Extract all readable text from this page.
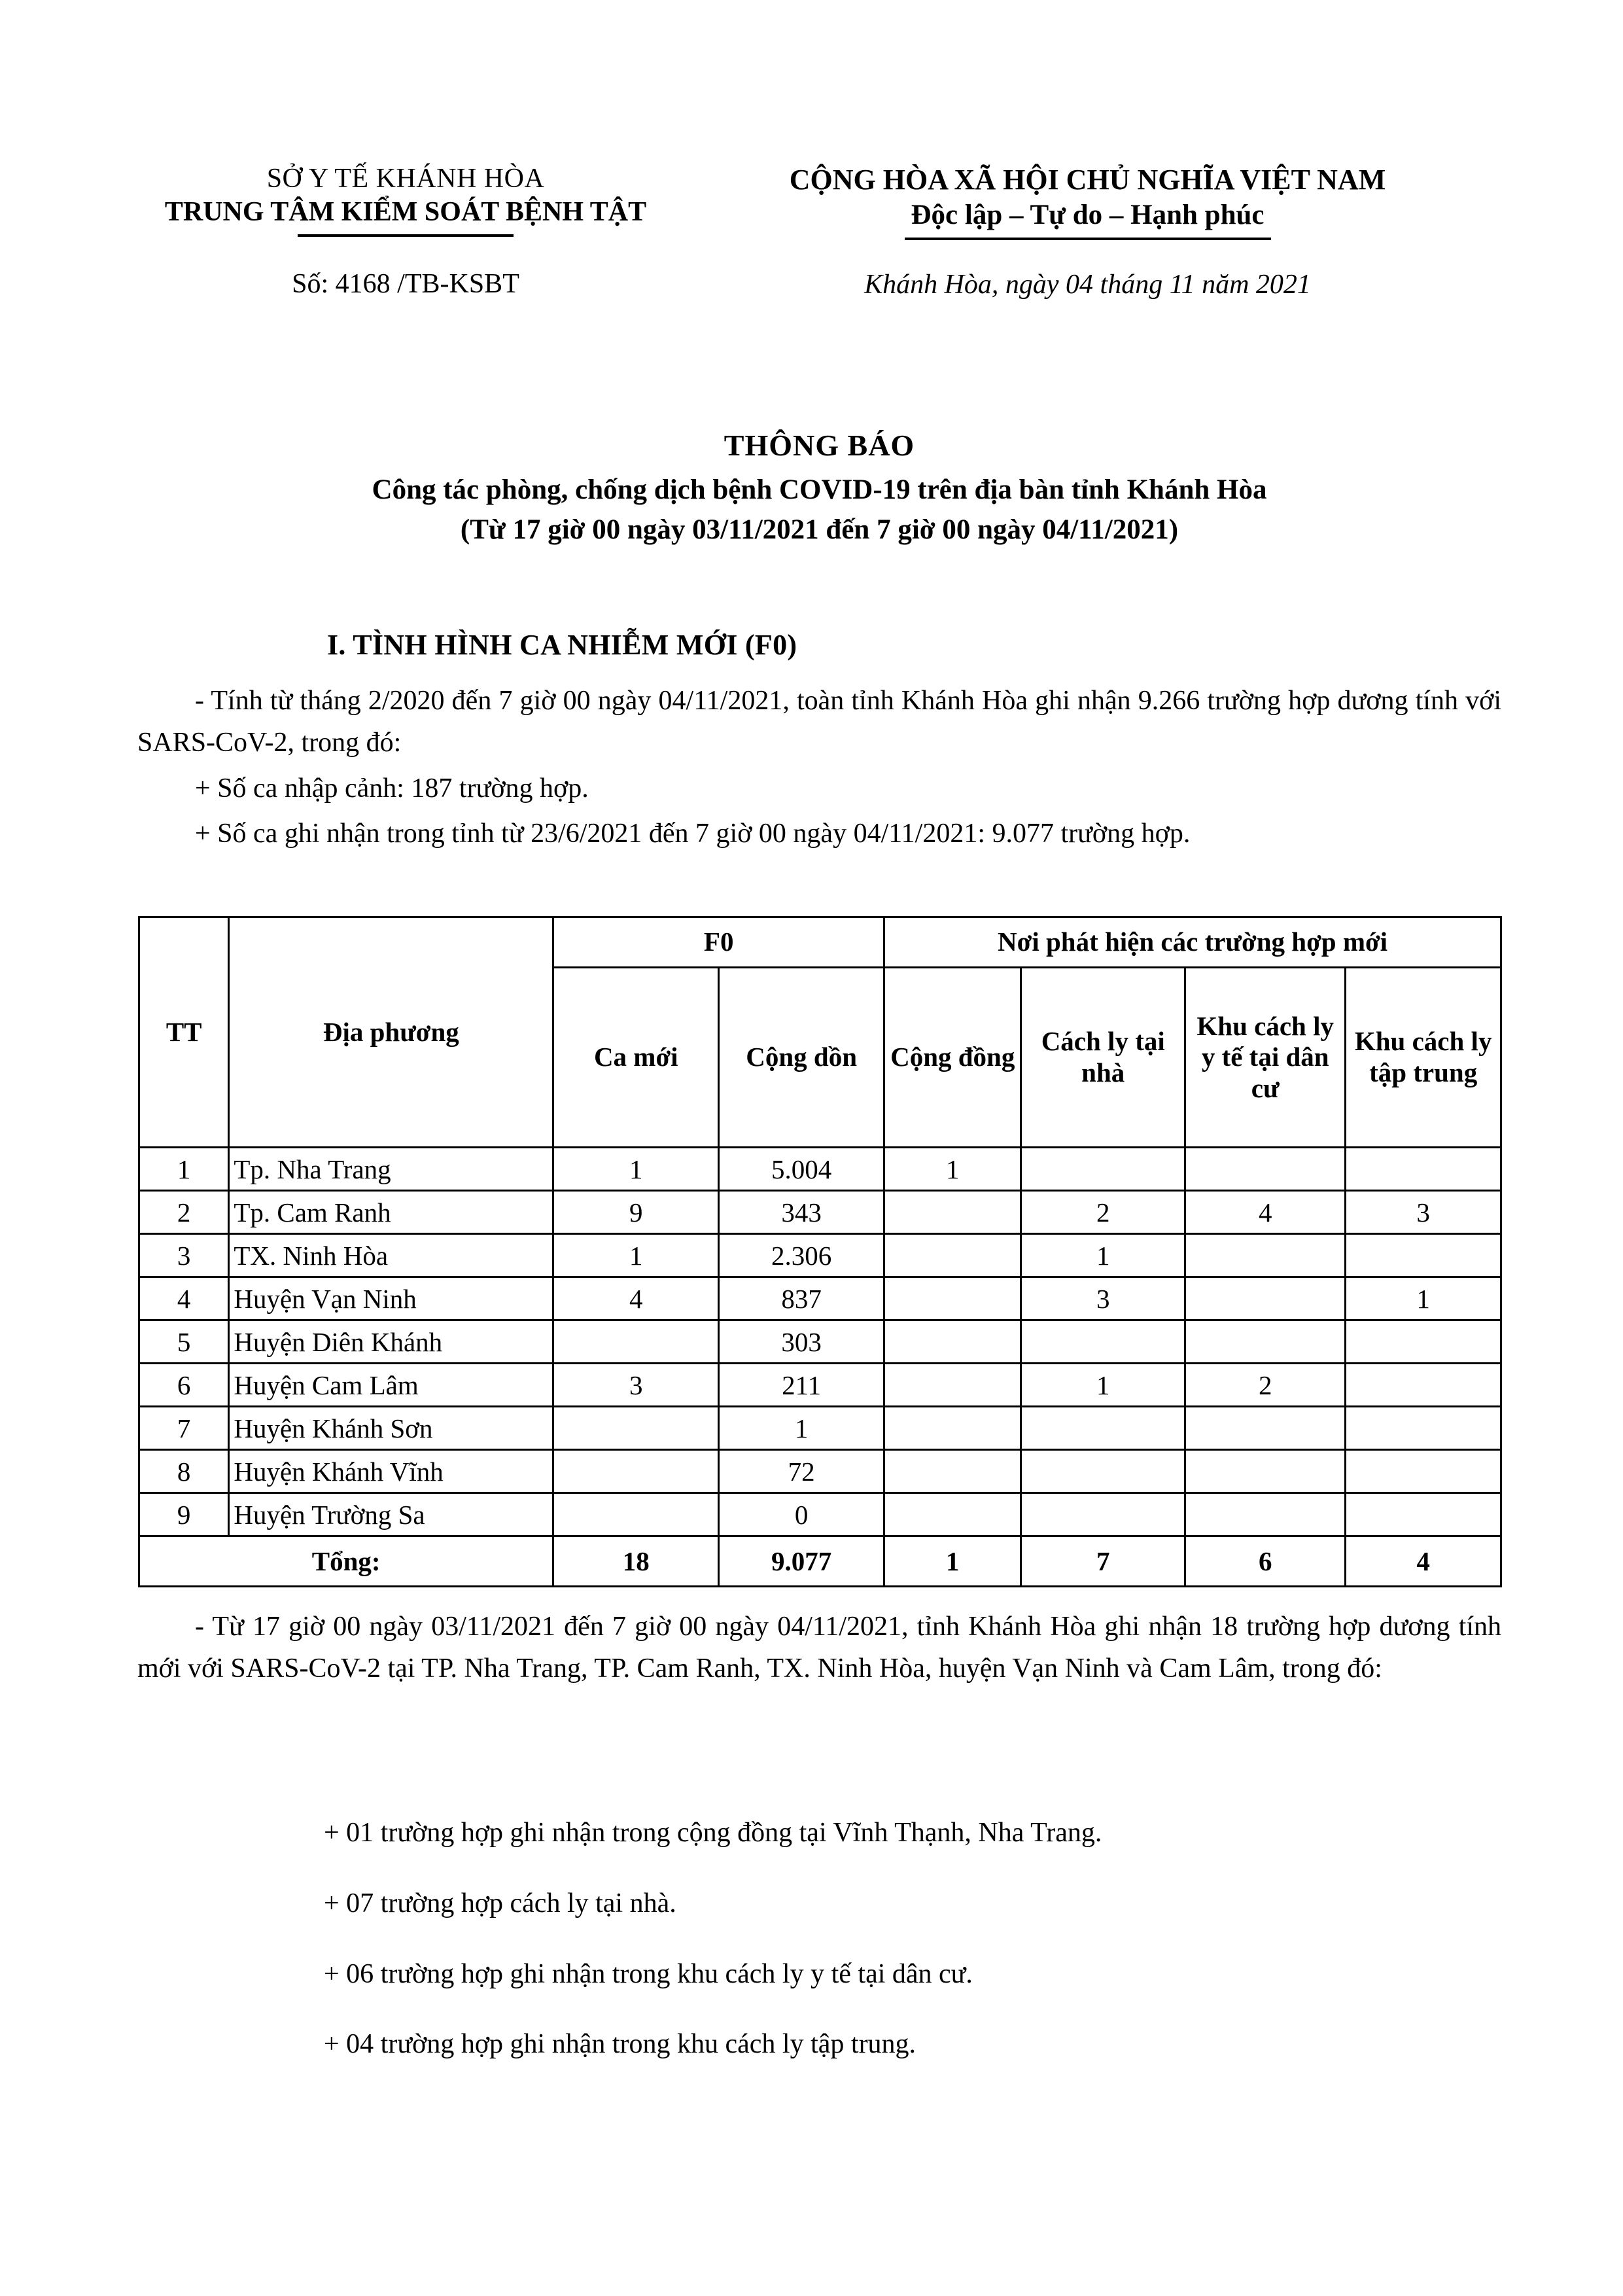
SỞ Y TẾ KHÁNH HÒA
TRUNG TÂM KIỂM SOÁT BỆNH TẬT
Số: 4168 /TB-KSBT
CỘNG HÒA XÃ HỘI CHỦ NGHĨA VIỆT NAM
Độc lập – Tự do – Hạnh phúc
Khánh Hòa, ngày 04 tháng 11 năm 2021
THÔNG BÁO
Công tác phòng, chống dịch bệnh COVID-19 trên địa bàn tỉnh Khánh Hòa
(Từ 17 giờ 00 ngày 03/11/2021 đến 7 giờ 00 ngày 04/11/2021)
I. TÌNH HÌNH CA NHIỄM MỚI (F0)

- Tính từ tháng 2/2020 đến 7 giờ 00 ngày 04/11/2021, toàn tỉnh Khánh Hòa ghi nhận 9.266 trường hợp dương tính với SARS-CoV-2, trong đó:

+ Số ca nhập cảnh: 187 trường hợp.

+ Số ca ghi nhận trong tỉnh từ 23/6/2021 đến 7 giờ 00 ngày 04/11/2021: 9.077 trường hợp.

TT	Địa phương	F0		Nơi phát hiện các trường hợp mới			
		Ca mới	Cộng dồn	Cộng đồng	Cách ly tại nhà	Khu cách ly y tế tại dân cư	Khu cách ly tập trung
1	Tp. Nha Trang	1	5.004	1			
2	Tp. Cam Ranh	9	343		2	4	3
3	TX. Ninh Hòa	1	2.306		1		
4	Huyện Vạn Ninh	4	837		3		1
5	Huyện Diên Khánh		303				
6	Huyện Cam Lâm	3	211		1	2	
7	Huyện Khánh Sơn		1				
8	Huyện Khánh Vĩnh		72				
9	Huyện Trường Sa		0				
Tổng:		18	9.077	1	7	6	4

- Từ 17 giờ 00 ngày 03/11/2021 đến 7 giờ 00 ngày 04/11/2021, tỉnh Khánh Hòa ghi nhận 18 trường hợp dương tính mới với SARS-CoV-2 tại TP. Nha Trang, TP. Cam Ranh, TX. Ninh Hòa, huyện Vạn Ninh và Cam Lâm, trong đó:

+ 01 trường hợp ghi nhận trong cộng đồng tại Vĩnh Thạnh, Nha Trang.

+ 07 trường hợp cách ly tại nhà.

+ 06 trường hợp ghi nhận trong khu cách ly y tế tại dân cư.

+ 04 trường hợp ghi nhận trong khu cách ly tập trung.
